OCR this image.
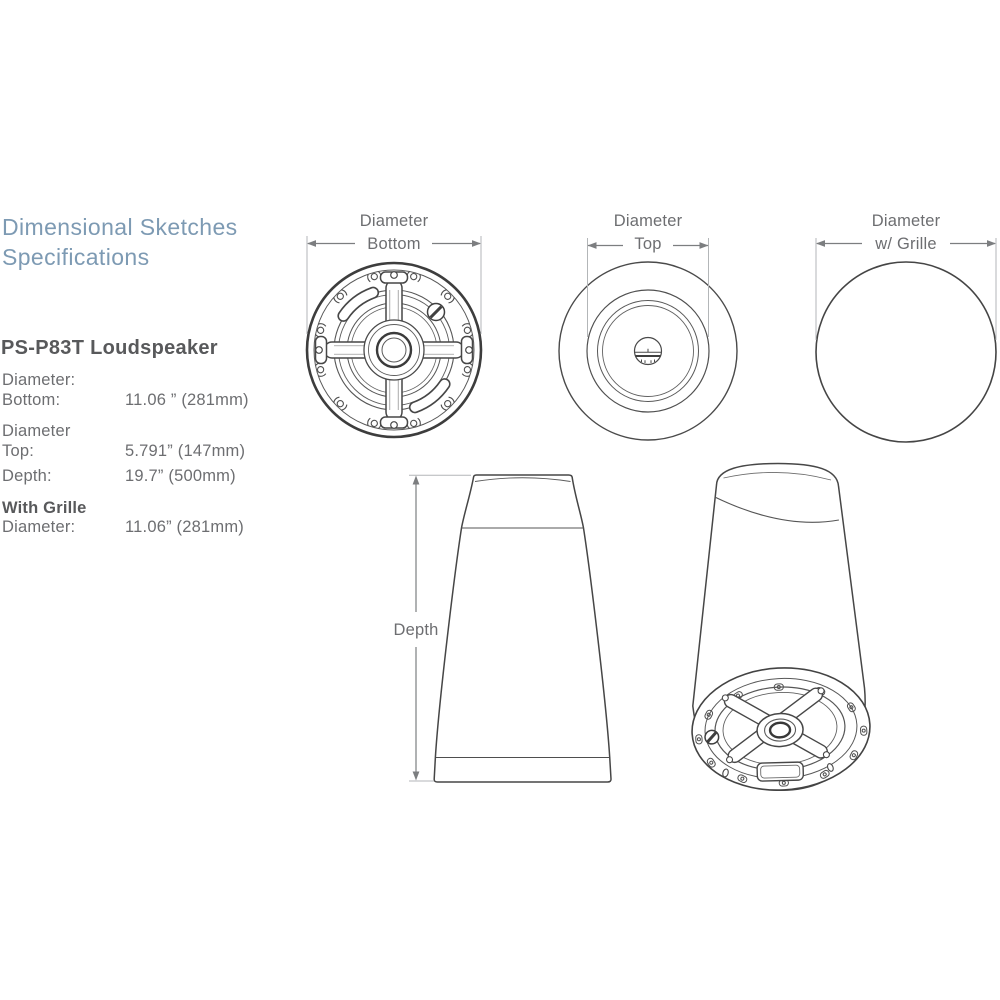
Dimensional Sketches
Specifications
PS-P83T Loudspeaker
Diameter:
Bottom:	11.06 ” (281mm)
Diameter
Top:	5.791” (147mm)
Depth:	19.7” (500mm)
With Grille
Diameter:	11.06” (281mm)
Diameter
Bottom
Diameter
Top
Diameter
w/ Grille
Depth
